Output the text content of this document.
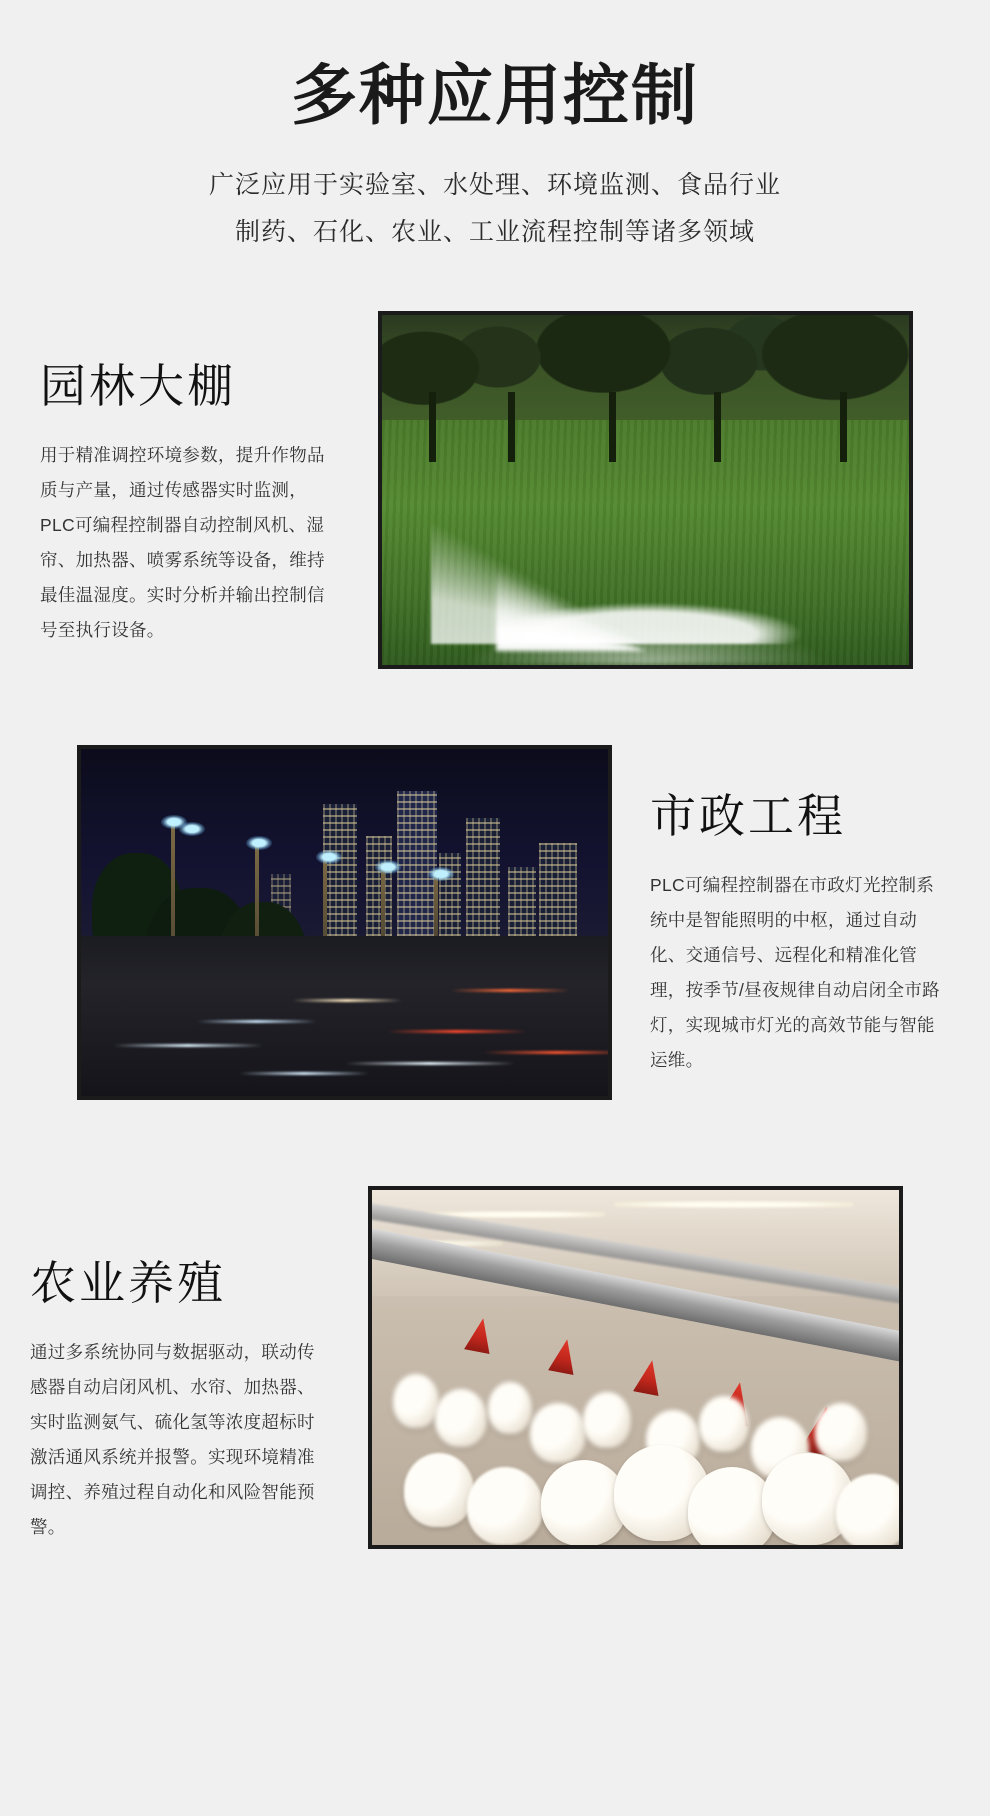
多种应用控制
广泛应用于实验室、水处理、环境监测、食品行业
制药、石化、农业、工业流程控制等诸多领域
园林大棚

用于精准调控环境参数，提升作物品质与产量，通过传感器实时监测，PLC可编程控制器自动控制风机、湿帘、加热器、喷雾系统等设备，维持最佳温湿度。实时分析并输出控制信号至执行设备。

市政工程

PLC可编程控制器在市政灯光控制系统中是智能照明的中枢，通过自动化、交通信号、远程化和精准化管理，按季节/昼夜规律自动启闭全市路灯，实现城市灯光的高效节能与智能运维。

农业养殖

通过多系统协同与数据驱动，联动传感器自动启闭风机、水帘、加热器、实时监测氨气、硫化氢等浓度超标时激活通风系统并报警。实现环境精准调控、养殖过程自动化和风险智能预警。
